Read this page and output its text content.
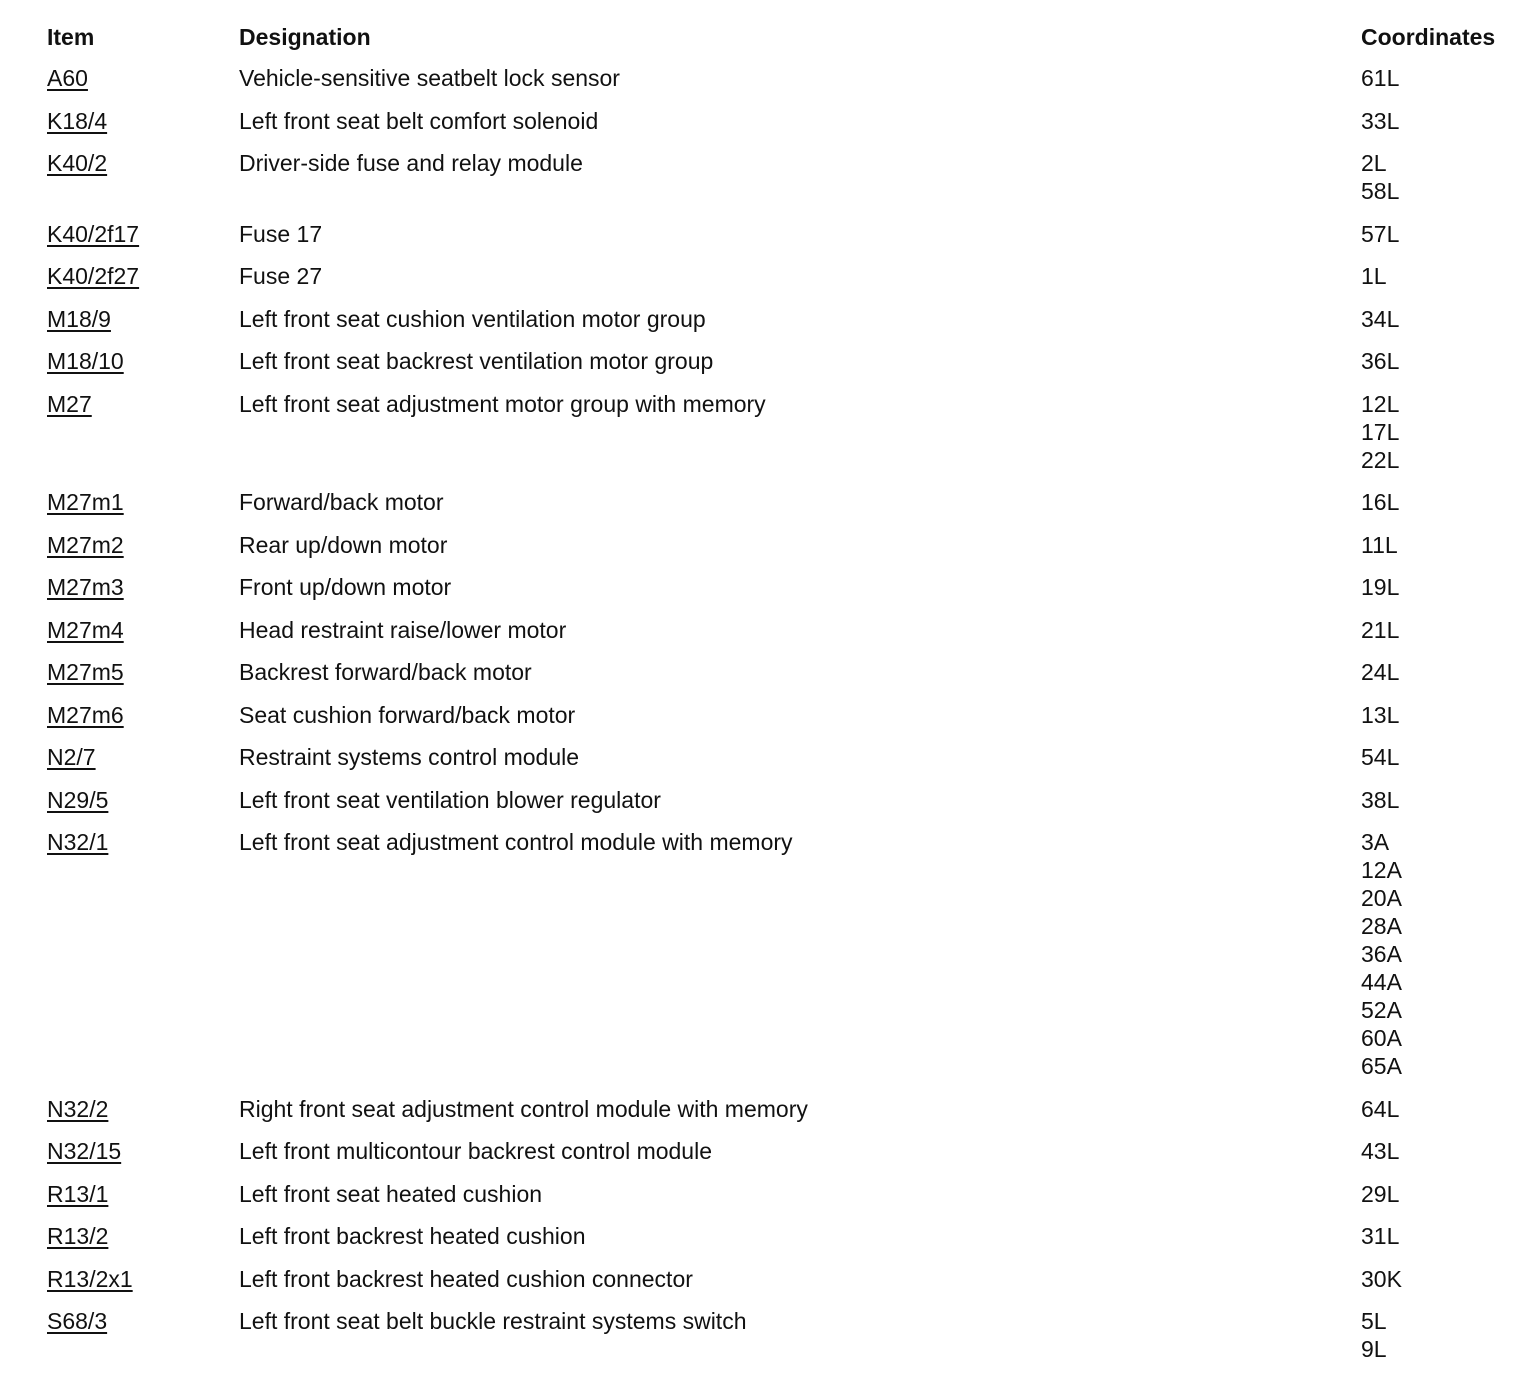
Item	Designation	Coordinates
A60	Vehicle-sensitive seatbelt lock sensor	61L
K18/4	Left front seat belt comfort solenoid	33L
K40/2	Driver-side fuse and relay module	2L
58L
K40/2f17	Fuse 17	57L
K40/2f27	Fuse 27	1L
M18/9	Left front seat cushion ventilation motor group	34L
M18/10	Left front seat backrest ventilation motor group	36L
M27	Left front seat adjustment motor group with memory	12L
17L
22L
M27m1	Forward/back motor	16L
M27m2	Rear up/down motor	11L
M27m3	Front up/down motor	19L
M27m4	Head restraint raise/lower motor	21L
M27m5	Backrest forward/back motor	24L
M27m6	Seat cushion forward/back motor	13L
N2/7	Restraint systems control module	54L
N29/5	Left front seat ventilation blower regulator	38L
N32/1	Left front seat adjustment control module with memory	3A
12A
20A
28A
36A
44A
52A
60A
65A
N32/2	Right front seat adjustment control module with memory	64L
N32/15	Left front multicontour backrest control module	43L
R13/1	Left front seat heated cushion	29L
R13/2	Left front backrest heated cushion	31L
R13/2x1	Left front backrest heated cushion connector	30K
S68/3	Left front seat belt buckle restraint systems switch	5L
9L
